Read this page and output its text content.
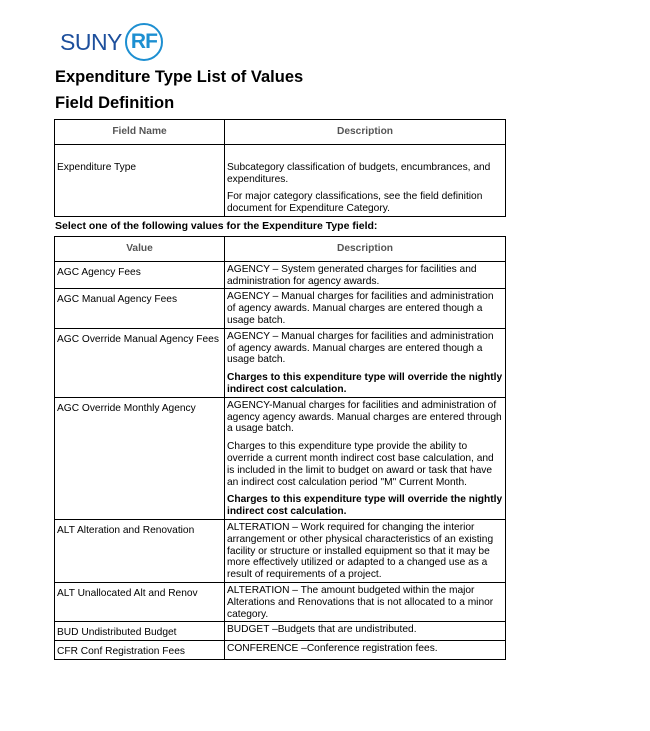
SUNY RF
Expenditure Type List of Values
Field Definition
Field Name	Description
Expenditure Type	Subcategory classification of budgets, encumbrances, and expenditures.

For major category classifications, see the field definition document for Expenditure Category.

Select one of the following values for the Expenditure Type field:

Value	Description
AGC Agency Fees	AGENCY – System generated charges for facilities and administration for agency awards.

AGC Manual Agency Fees	AGENCY – Manual charges for facilities and administration of agency awards. Manual charges are entered though a usage batch.

AGC Override Manual Agency Fees	AGENCY – Manual charges for facilities and administration of agency awards. Manual charges are entered though a usage batch.

Charges to this expenditure type will override the nightly indirect cost calculation.

AGC Override Monthly Agency	AGENCY-Manual charges for facilities and administration of agency agency awards. Manual charges are entered through a usage batch.

Charges to this expenditure type provide the ability to override a current month indirect cost base calculation, and is included in the limit to budget on award or task that have an indirect cost calculation period "M" Current Month.

Charges to this expenditure type will override the nightly indirect cost calculation.

ALT Alteration and Renovation	ALTERATION – Work required for changing the interior arrangement or other physical characteristics of an existing facility or structure or installed equipment so that it may be more effectively utilized or adapted to a changed use as a result of requirements of a project.

ALT Unallocated Alt and Renov	ALTERATION – The amount budgeted within the major Alterations and Renovations that is not allocated to a minor category.

BUD Undistributed Budget	BUDGET –Budgets that are undistributed.

CFR Conf Registration Fees	CONFERENCE –Conference registration fees.
